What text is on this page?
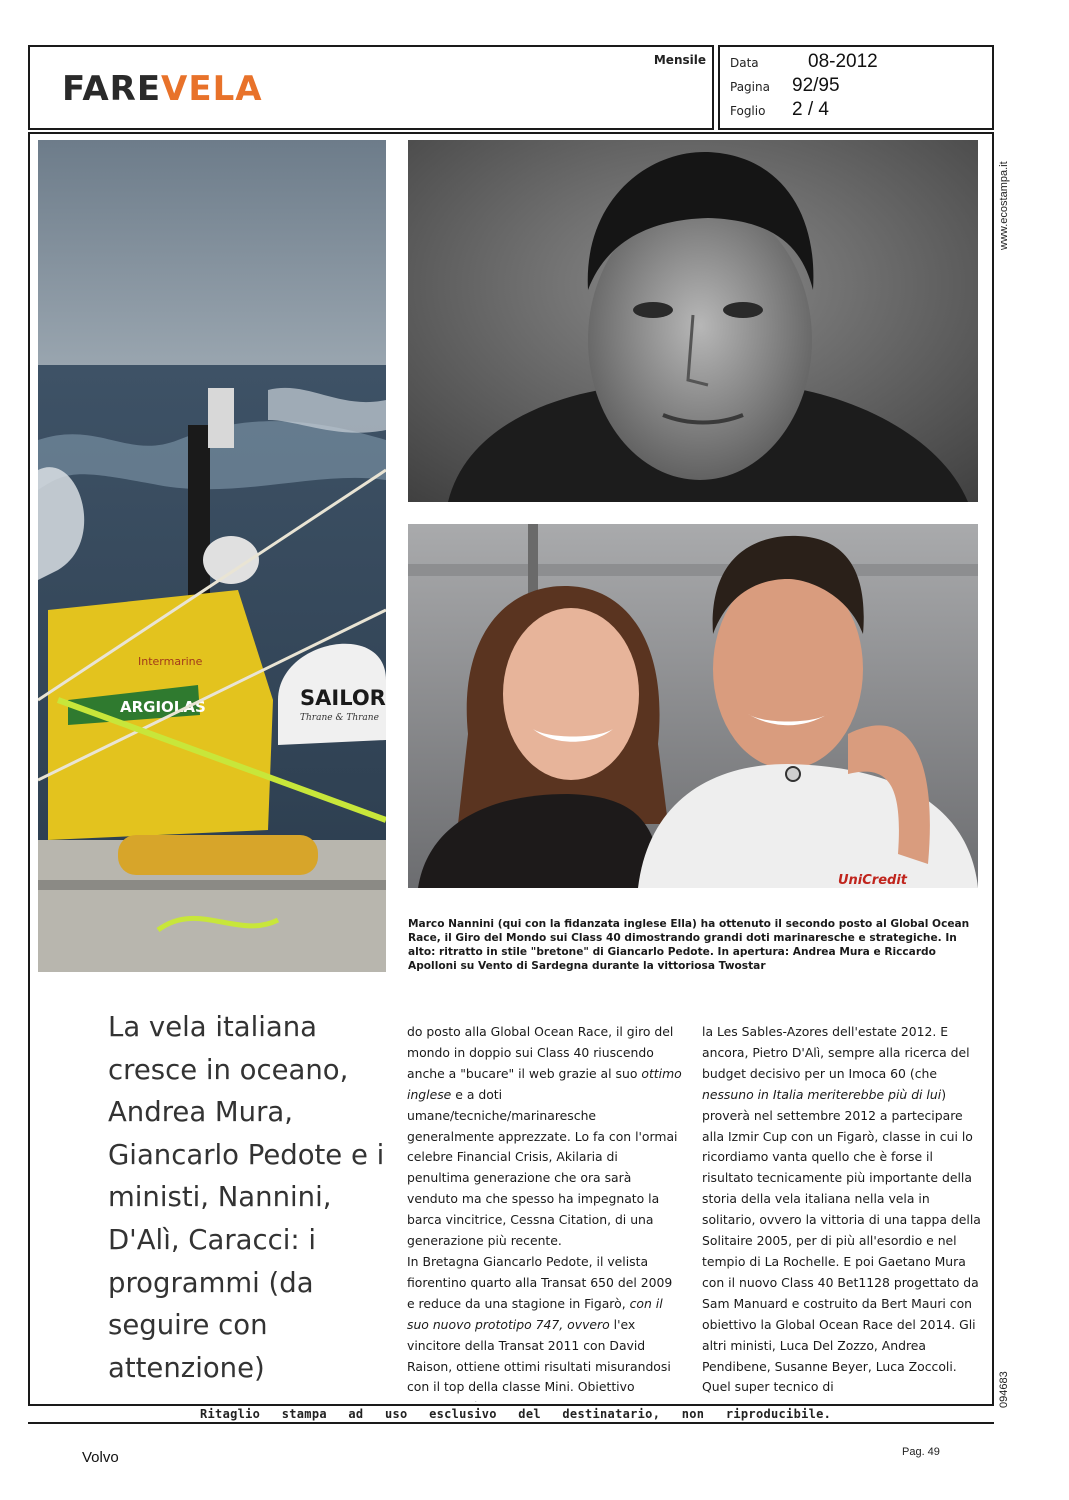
FAREVELA
Mensile Data	08-2012
Pagina	92/95
Foglio	2 / 4
ARGIOLAS
Intermarine
SAILOR
Thrane & Thrane
UniCredit
Marco Nannini (qui con la fidanzata inglese Ella) ha ottenuto il secondo posto al Global Ocean Race, il Giro del Mondo sui Class 40 dimostrando grandi doti marinaresche e strategiche. In alto: ritratto in stile "bretone" di Giancarlo Pedote. In apertura: Andrea Mura e Riccardo Apolloni su Vento di Sardegna durante la vittoriosa Twostar
La vela italiana cresce in oceano, Andrea Mura, Giancarlo Pedote e i ministi, Nannini, D'Alì, Caracci: i programmi (da seguire con attenzione)
do posto alla Global Ocean Race, il giro del mondo in doppio sui Class 40 riuscendo anche a "bucare" il web grazie al suo ottimo inglese e a doti umane/tecniche/marinaresche generalmente apprezzate. Lo fa con l'ormai celebre Financial Crisis, Akilaria di penultima generazione che ora sarà venduto ma che spesso ha impegnato la barca vincitrice, Cessna Citation, di una generazione più recente.
In Bretagna Giancarlo Pedote, il velista fiorentino quarto alla Transat 650 del 2009 e reduce da una stagione in Figarò, con il suo nuovo prototipo 747, ovvero l'ex vincitore della Transat 2011 con David Raison, ottiene ottimi risultati misurandosi con il top della classe Mini. Obiettivo
la Les Sables-Azores dell'estate 2012. E ancora, Pietro D'Alì, sempre alla ricerca del budget decisivo per un Imoca 60 (che nessuno in Italia meriterebbe più di lui) proverà nel settembre 2012 a partecipare alla Izmir Cup con un Figarò, classe in cui lo ricordiamo vanta quello che è forse il risultato tecnicamente più importante della storia della vela italiana nella vela in solitario, ovvero la vittoria di una tappa della Solitaire 2005, per di più all'esordio e nel tempio di La Rochelle. E poi Gaetano Mura con il nuovo Class 40 Bet1128 progettato da Sam Manuard e costruito da Bert Mauri con obiettivo la Global Ocean Race del 2014. Gli altri ministi, Luca Del Zozzo, Andrea Pendibene, Susanne Beyer, Luca Zoccoli. Quel super tecnico di
www.ecostampa.it
094683
Ritaglio stampa ad uso esclusivo del destinatario, non riproducibile.
Volvo	Pag. 49
